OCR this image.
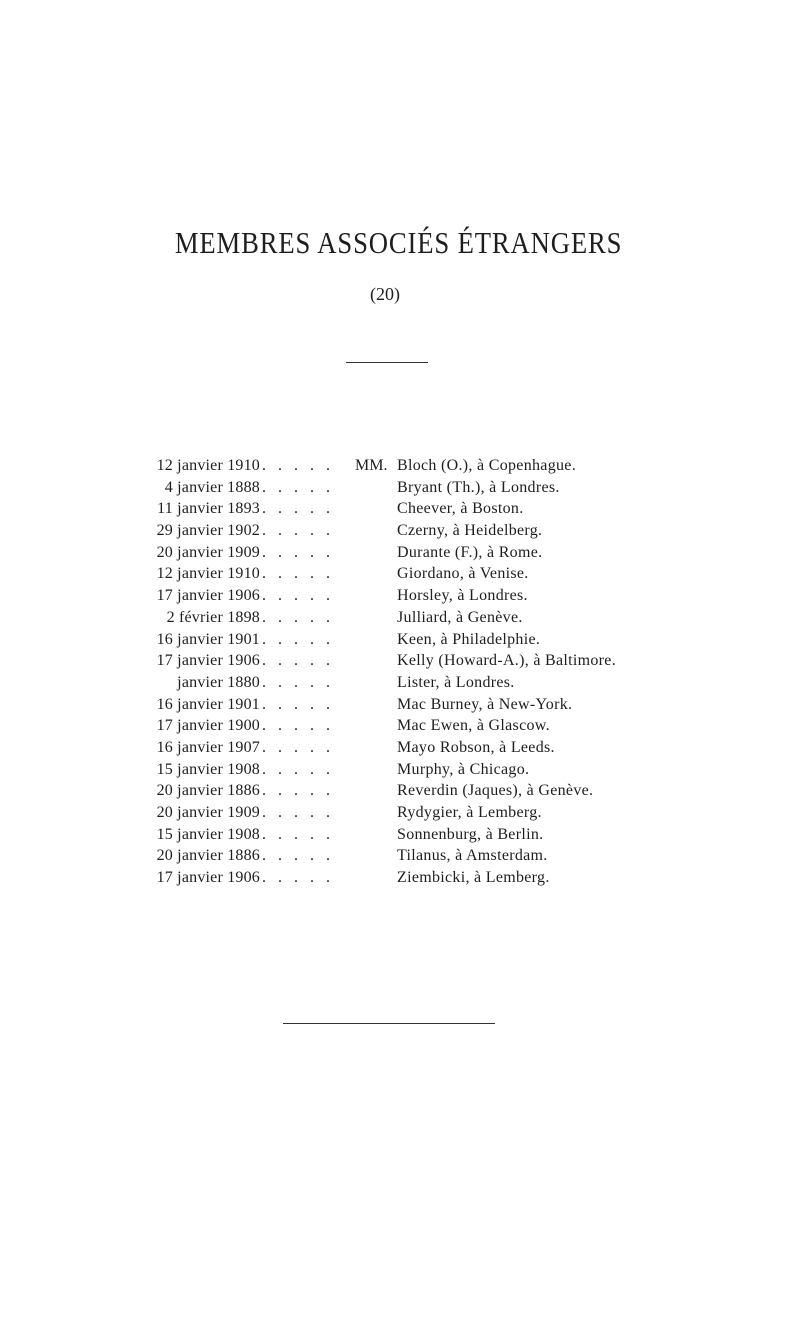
MEMBRES ASSOCIÉS ÉTRANGERS
(20)
12 janvier 1910 . . . . . MM. Bloch (O.), à Copenhague.
4 janvier 1888 . . . . .	Bryant (Th.), à Londres.
11 janvier 1893 . . . . .	Cheever, à Boston.
29 janvier 1902 . . . . .	Czerny, à Heidelberg.
20 janvier 1909 . . . . .	Durante (F.), à Rome.
12 janvier 1910 . . . . .	Giordano, à Venise.
17 janvier 1906 . . . . .	Horsley, à Londres.
2 février 1898 . . . . .	Julliard, à Genève.
16 janvier 1901 . . . . .	Keen, à Philadelphie.
17 janvier 1906 . . . . .	Kelly (Howard-A.), à Baltimore.
janvier 1880 . . . . .	Lister, à Londres.
16 janvier 1901 . . . . .	Mac Burney, à New-York.
17 janvier 1900 . . . . .	Mac Ewen, à Glascow.
16 janvier 1907 . . . . .	Mayo Robson, à Leeds.
15 janvier 1908 . . . . .	Murphy, à Chicago.
20 janvier 1886 . . . . .	Reverdin (Jaques), à Genève.
20 janvier 1909 . . . . .	Rydygier, à Lemberg.
15 janvier 1908 . . . . .	Sonnenburg, à Berlin.
20 janvier 1886 . . . . .	Tilanus, à Amsterdam.
17 janvier 1906 . . . . .	Ziembicki, à Lemberg.
